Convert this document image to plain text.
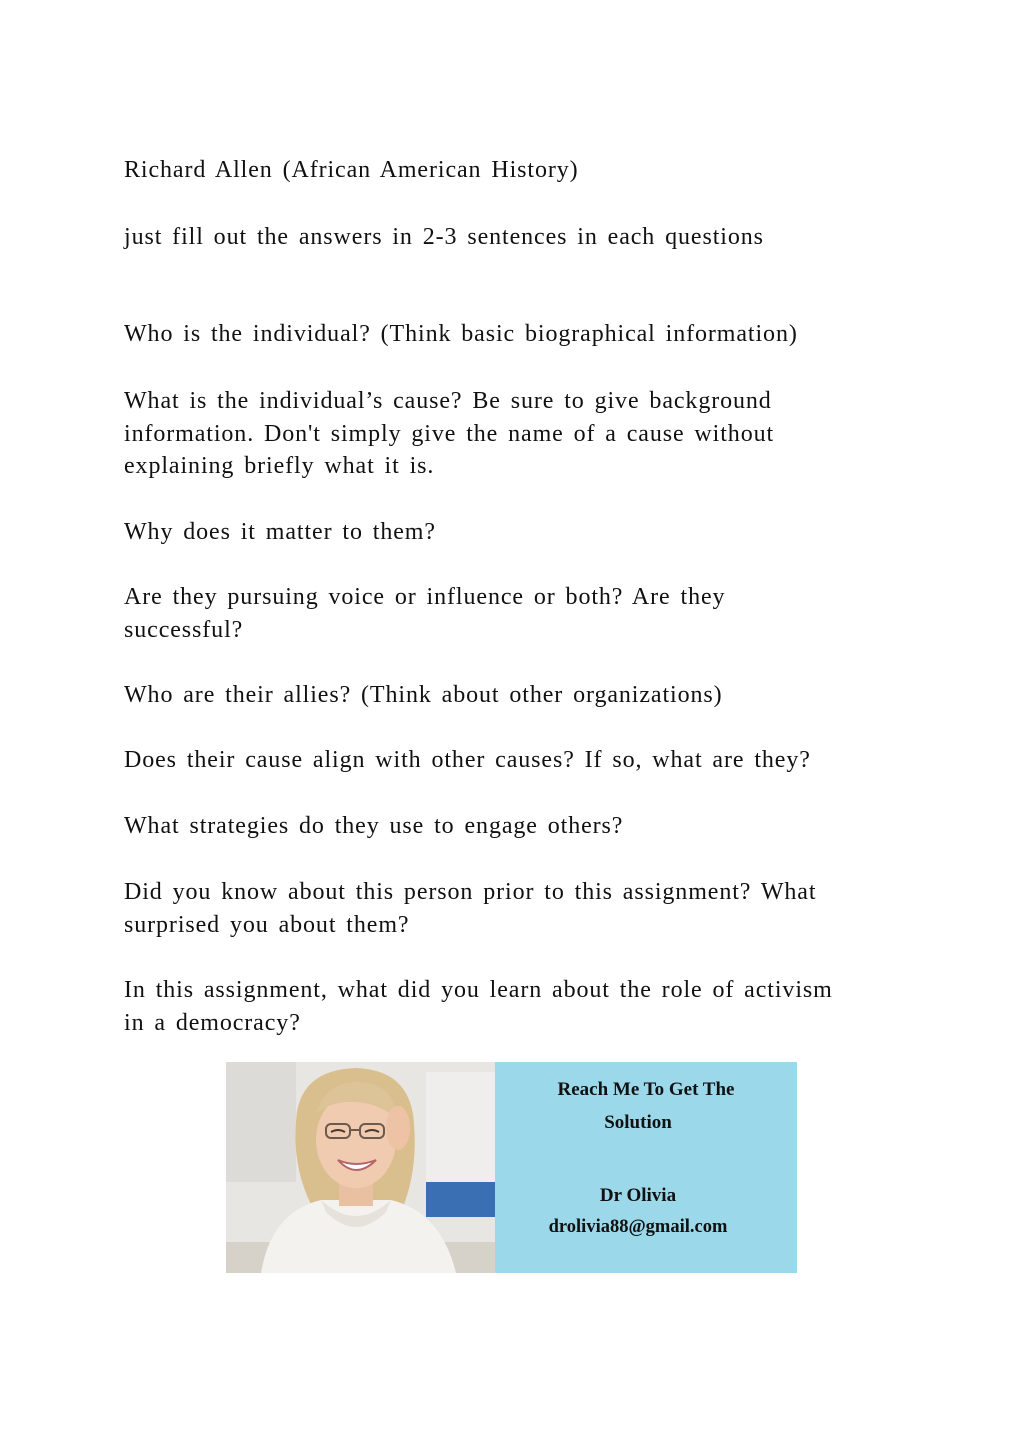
Richard Allen (African American History)

just fill out the answers in 2-3 sentences in each questions

Who is the individual? (Think basic biographical information)

What is the individual’s cause? Be sure to give background
information. Don't simply give the name of a cause without
explaining briefly what it is.

Why does it matter to them?

Are they pursuing voice or influence or both? Are they
successful?

Who are their allies? (Think about other organizations)

Does their cause align with other causes? If so, what are they?

What strategies do they use to engage others?

Did you know about this person prior to this assignment? What
surprised you about them?

In this assignment, what did you learn about the role of activism
in a democracy?

Reach Me To Get The
Solution
Dr Olivia
drolivia88@gmail.com
